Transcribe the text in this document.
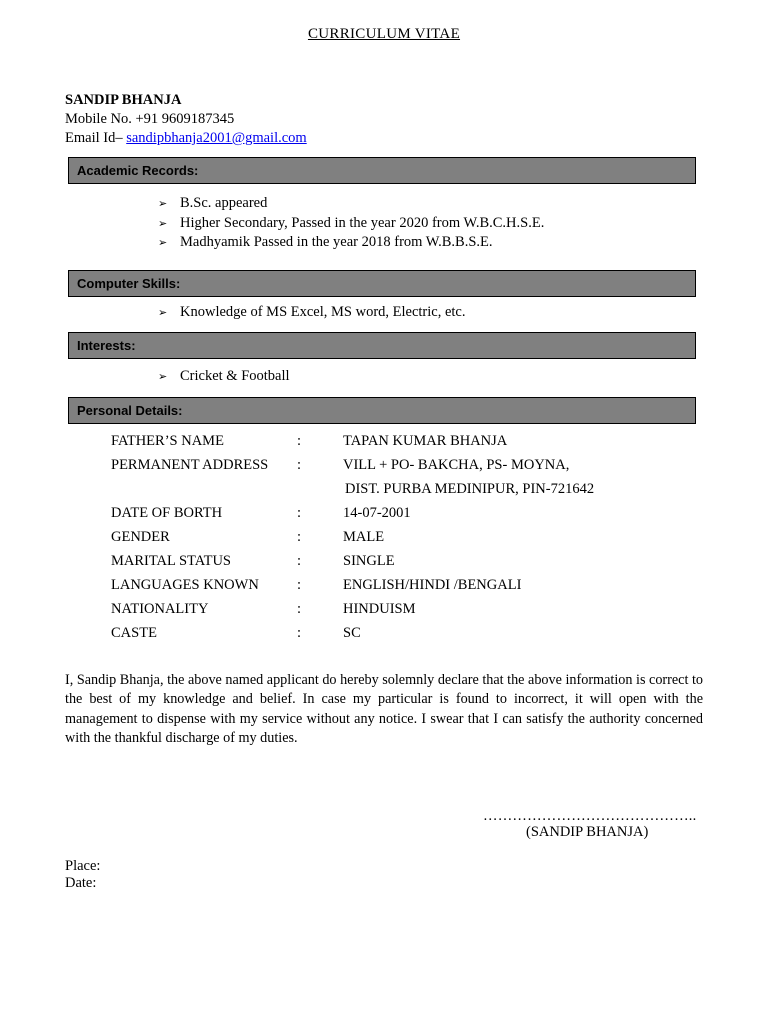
CURRICULUM VITAE
SANDIP BHANJA
Mobile No. +91 9609187345
Email Id– sandipbhanja2001@gmail.com
Academic Records:
➢ B.Sc. appeared
➢ Higher Secondary, Passed in the year 2020 from W.B.C.H.S.E.
➢ Madhyamik Passed in the year 2018 from W.B.B.S.E.
Computer Skills:
➢ Knowledge of MS Excel, MS word, Electric, etc.
Interests:
➢ Cricket & Football
Personal Details:
FATHER’S NAME	:	TAPAN KUMAR BHANJA
PERMANENT ADDRESS	:	VILL + PO- BAKCHA, PS- MOYNA,
DIST. PURBA MEDINIPUR, PIN-721642
DATE OF BORTH	:	14-07-2001
GENDER	:	MALE
MARITAL STATUS	:	SINGLE
LANGUAGES KNOWN	:	ENGLISH/HINDI /BENGALI
NATIONALITY	:	HINDUISM
CASTE	:	SC
I, Sandip Bhanja, the above named applicant do hereby solemnly declare that the above information is correct to the best of my knowledge and belief. In case my particular is found to incorrect, it will open with the management to dispense with my service without any notice. I swear that I can satisfy the authority concerned with the thankful discharge of my duties.
……………………………………..
(SANDIP BHANJA)
Place:
Date:
